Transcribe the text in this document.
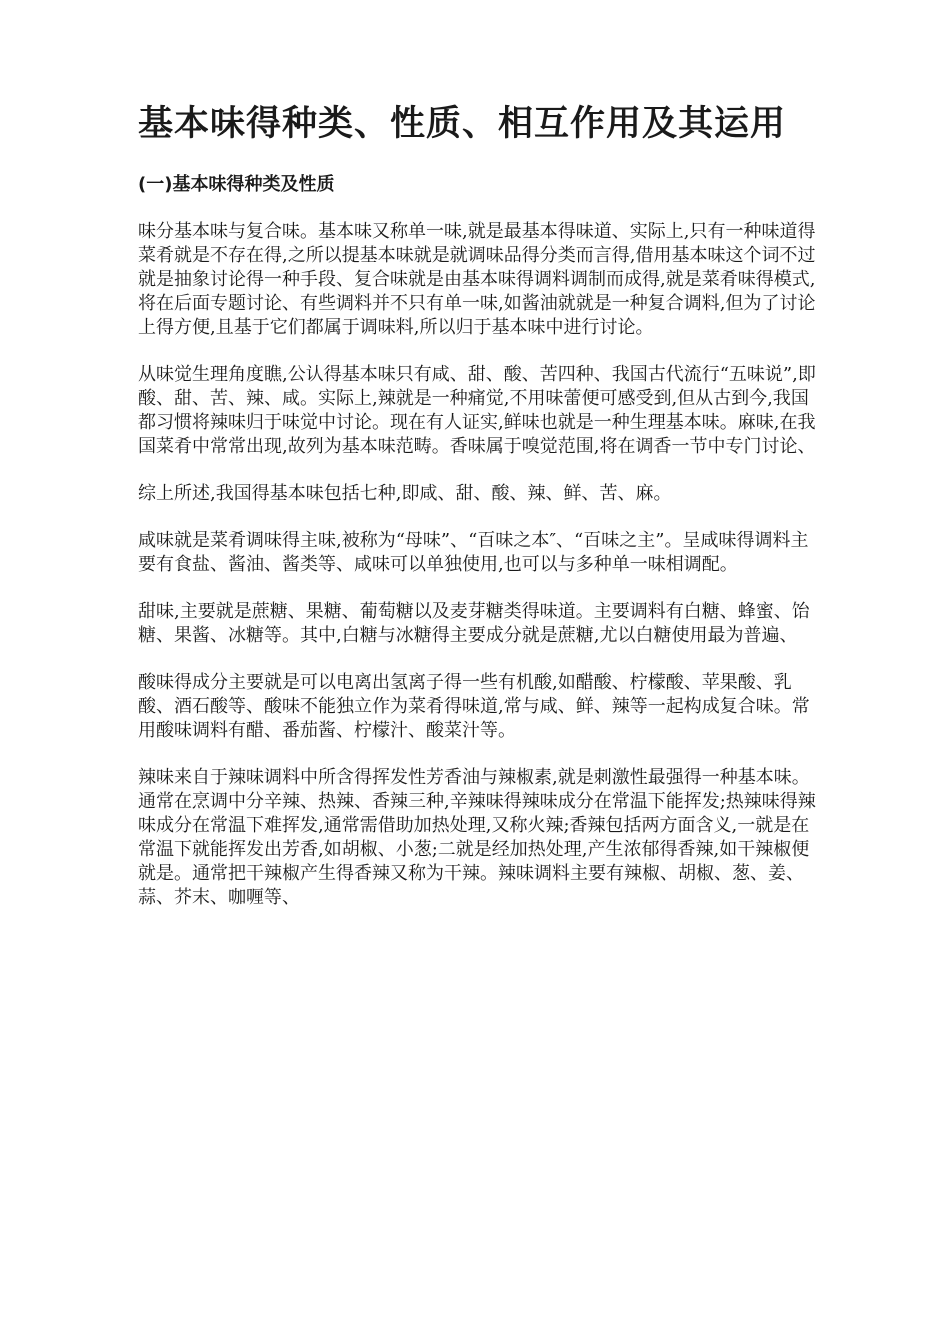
基本味得种类、性质、相互作用及其运用
(一)基本味得种类及性质

味分基本味与复合味。基本味又称单一味,就是最基本得味道、实际上,只有一种味道得菜肴就是不存在得,之所以提基本味就是就调味品得分类而言得,借用基本味这个词不过就是抽象讨论得一种手段、复合味就是由基本味得调料调制而成得,就是菜肴味得模式,将在后面专题讨论、有些调料并不只有单一味,如酱油就就是一种复合调料,但为了讨论上得方便,且基于它们都属于调味料,所以归于基本味中进行讨论。

从味觉生理角度瞧,公认得基本味只有咸、甜、酸、苦四种、我国古代流行“五味说”,即酸、甜、苦、辣、咸。实际上,辣就是一种痛觉,不用味蕾便可感受到,但从古到今,我国都习惯将辣味归于味觉中讨论。现在有人证实,鲜味也就是一种生理基本味。麻味,在我国菜肴中常常出现,故列为基本味范畴。香味属于嗅觉范围,将在调香一节中专门讨论、

综上所述,我国得基本味包括七种,即咸、甜、酸、辣、鲜、苦、麻。

咸味就是菜肴调味得主味,被称为“母味”、“百味之本″、“百味之主”。呈咸味得调料主要有食盐、酱油、酱类等、咸味可以单独使用,也可以与多种单一味相调配。

甜味,主要就是蔗糖、果糖、葡萄糖以及麦芽糖类得味道。主要调料有白糖、蜂蜜、饴糖、果酱、冰糖等。其中,白糖与冰糖得主要成分就是蔗糖,尤以白糖使用最为普遍、

酸味得成分主要就是可以电离出氢离子得一些有机酸,如醋酸、柠檬酸、苹果酸、乳酸、酒石酸等、酸味不能独立作为菜肴得味道,常与咸、鲜、辣等一起构成复合味。常用酸味调料有醋、番茄酱、柠檬汁、酸菜汁等。

辣味来自于辣味调料中所含得挥发性芳香油与辣椒素,就是刺激性最强得一种基本味。通常在烹调中分辛辣、热辣、香辣三种,辛辣味得辣味成分在常温下能挥发;热辣味得辣味成分在常温下难挥发,通常需借助加热处理,又称火辣;香辣包括两方面含义,一就是在常温下就能挥发出芳香,如胡椒、小葱;二就是经加热处理,产生浓郁得香辣,如干辣椒便就是。通常把干辣椒产生得香辣又称为干辣。辣味调料主要有辣椒、胡椒、葱、姜、蒜、芥末、咖喱等、
